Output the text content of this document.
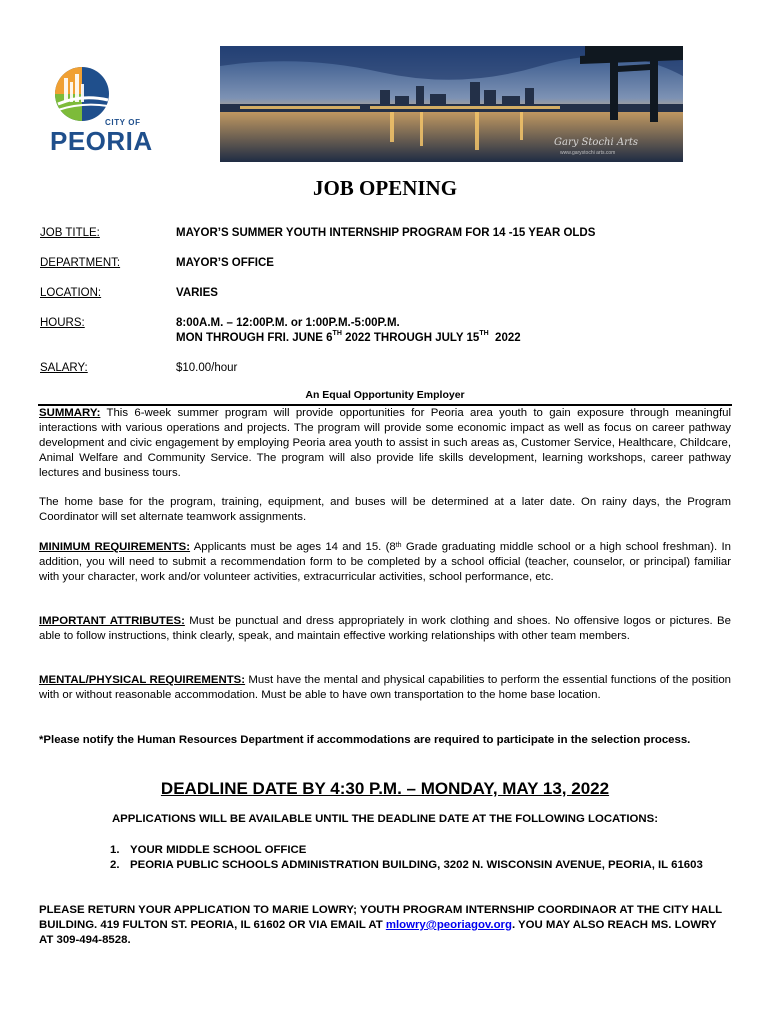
CITY OF
PEORIA	Gary Stochi Arts
www.garystochi arts.com
JOB OPENING
JOB TITLE:	MAYOR’S SUMMER YOUTH INTERNSHIP PROGRAM FOR 14 -15 YEAR OLDS
DEPARTMENT:	MAYOR’S OFFICE
LOCATION:	VARIES
HOURS:	8:00A.M. – 12:00P.M. or 1:00P.M.-5:00P.M.
MON THROUGH FRI. JUNE 6TH 2022 THROUGH JULY 15TH  2022
SALARY:	$10.00/hour
An Equal Opportunity Employer
SUMMARY: This 6-week summer program will provide opportunities for Peoria area youth to gain exposure through meaningful interactions with various operations and projects. The program will provide some economic impact as well as focus on career pathway development and civic engagement by employing Peoria area youth to assist in such areas as, Customer Service, Healthcare, Childcare, Animal Welfare and Community Service. The program will also provide life skills development, learning workshops, career pathway lectures and business tours.
The home base for the program, training, equipment, and buses will be determined at a later date. On rainy days, the Program Coordinator will set alternate teamwork assignments.
MINIMUM REQUIREMENTS: Applicants must be ages 14 and 15. (8th Grade graduating middle school or a high school freshman). In addition, you will need to submit a recommendation form to be completed by a school official (teacher, counselor, or principal) familiar with your character, work and/or volunteer activities, extracurricular activities, school performance, etc.
IMPORTANT ATTRIBUTES: Must be punctual and dress appropriately in work clothing and shoes. No offensive logos or pictures. Be able to follow instructions, think clearly, speak, and maintain effective working relationships with other team members.
MENTAL/PHYSICAL REQUIREMENTS: Must have the mental and physical capabilities to perform the essential functions of the position with or without reasonable accommodation. Must be able to have own transportation to the home base location.
*Please notify the Human Resources Department if accommodations are required to participate in the selection process.
DEADLINE DATE BY 4:30 P.M. – MONDAY, MAY 13, 2022
APPLICATIONS WILL BE AVAILABLE UNTIL THE DEADLINE DATE AT THE FOLLOWING LOCATIONS:
1. YOUR MIDDLE SCHOOL OFFICE
2. PEORIA PUBLIC SCHOOLS ADMINISTRATION BUILDING, 3202 N. WISCONSIN AVENUE, PEORIA, IL 61603
PLEASE RETURN YOUR APPLICATION TO MARIE LOWRY; YOUTH PROGRAM INTERNSHIP COORDINAOR AT THE CITY HALL BUILDING. 419 FULTON ST. PEORIA, IL 61602 OR VIA EMAIL AT mlowry@peoriagov.org. YOU MAY ALSO REACH MS. LOWRY AT 309-494-8528.
